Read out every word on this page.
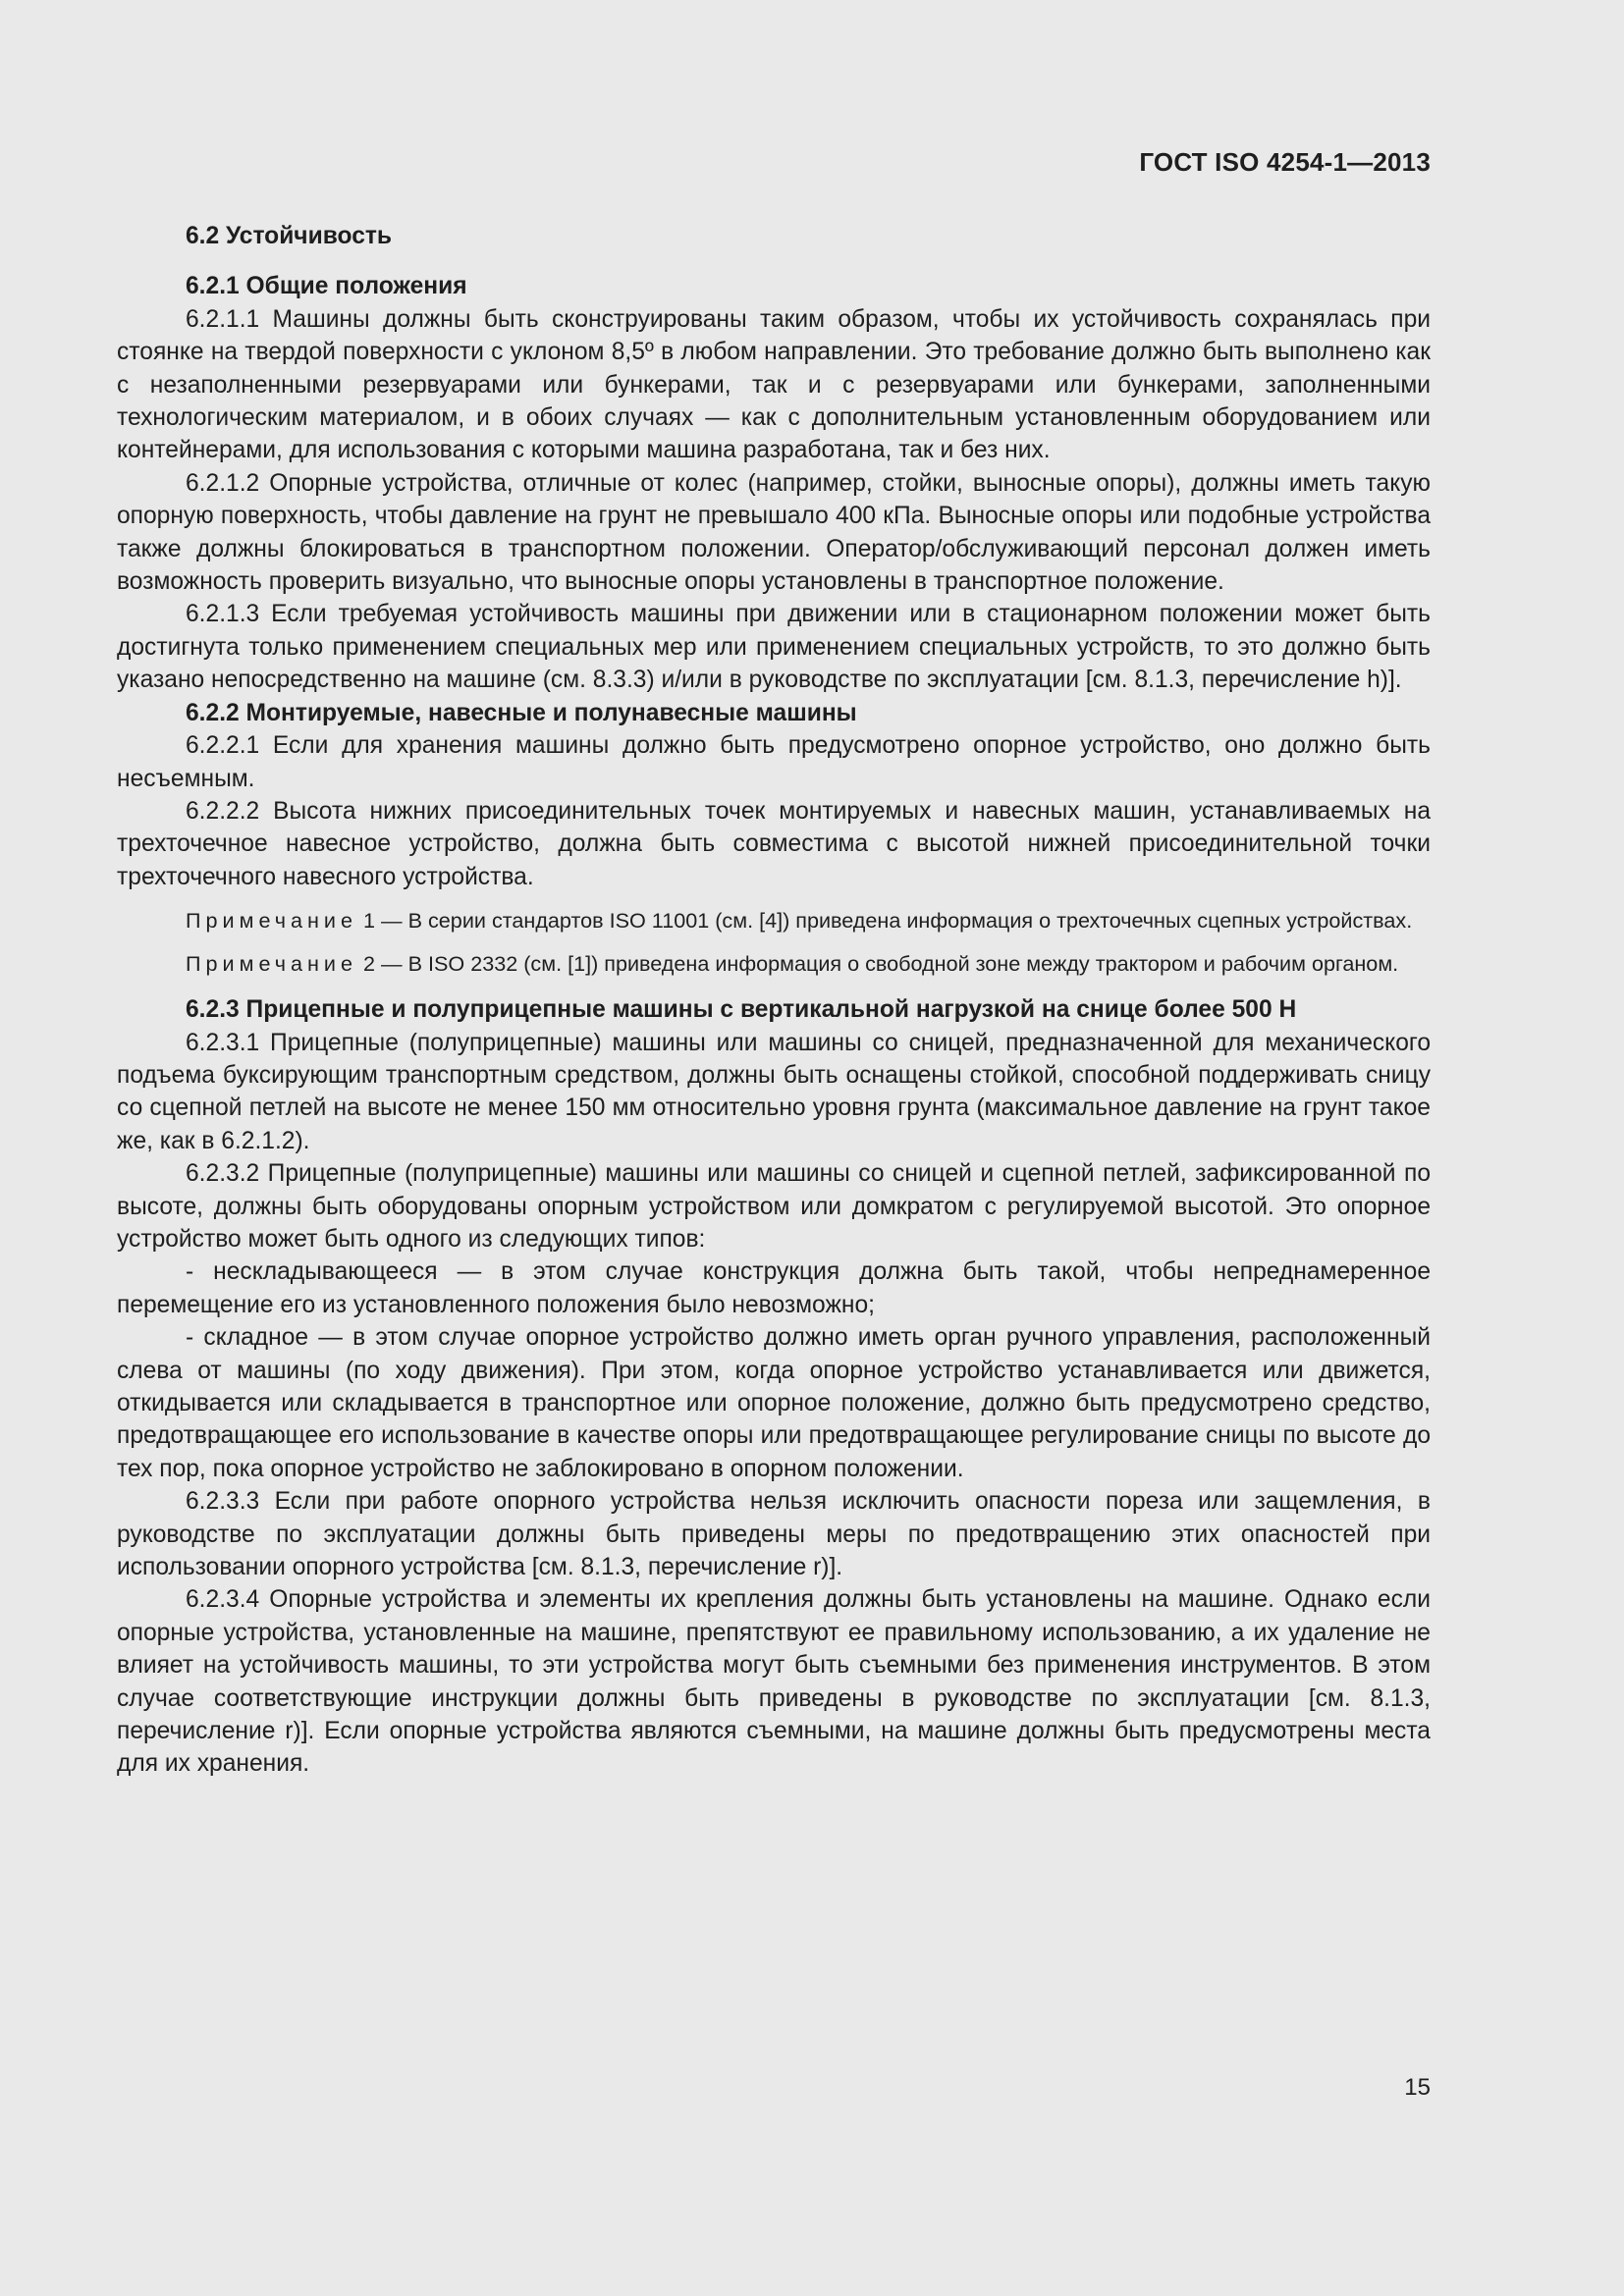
ГОСТ ISO 4254-1—2013

6.2 Устойчивость

6.2.1 Общие положения

6.2.1.1 Машины должны быть сконструированы таким образом, чтобы их устойчивость сохранялась при стоянке на твердой поверхности с уклоном 8,5º в любом направлении. Это требование должно быть выполнено как с незаполненными резервуарами или бункерами, так и с резервуарами или бункерами, заполненными технологическим материалом, и в обоих случаях — как с дополнительным установленным оборудованием или контейнерами, для использования с которыми машина разработана, так и без них.

6.2.1.2 Опорные устройства, отличные от колес (например, стойки, выносные опоры), должны иметь такую опорную поверхность, чтобы давление на грунт не превышало 400 кПа. Выносные опоры или подобные устройства также должны блокироваться в транспортном положении. Оператор/обслуживающий персонал должен иметь возможность проверить визуально, что выносные опоры установлены в транспортное положение.

6.2.1.3 Если требуемая устойчивость машины при движении или в стационарном положении может быть достигнута только применением специальных мер или применением специальных устройств, то это должно быть указано непосредственно на машине (см. 8.3.3) и/или в руководстве по эксплуатации [см. 8.1.3, перечисление h)].

6.2.2 Монтируемые, навесные и полунавесные машины

6.2.2.1 Если для хранения машины должно быть предусмотрено опорное устройство, оно должно быть несъемным.

6.2.2.2 Высота нижних присоединительных точек монтируемых и навесных машин, устанавливаемых на трехточечное навесное устройство, должна быть совместима с высотой нижней присоединительной точки трехточечного навесного устройства.

Примечание 1 — В серии стандартов ISO 11001 (см. [4]) приведена информация о трехточечных сцепных устройствах.

Примечание 2 — В ISO 2332 (см. [1]) приведена информация о свободной зоне между трактором и рабочим органом.

6.2.3 Прицепные и полуприцепные машины с вертикальной нагрузкой на снице более 500 Н

6.2.3.1 Прицепные (полуприцепные) машины или машины со сницей, предназначенной для механического подъема буксирующим транспортным средством, должны быть оснащены стойкой, способной поддерживать сницу со сцепной петлей на высоте не менее 150 мм относительно уровня грунта (максимальное давление на грунт такое же, как в 6.2.1.2).

6.2.3.2 Прицепные (полуприцепные) машины или машины со сницей и сцепной петлей, зафиксированной по высоте, должны быть оборудованы опорным устройством или домкратом с регулируемой высотой. Это опорное устройство может быть одного из следующих типов:

- нескладывающееся — в этом случае конструкция должна быть такой, чтобы непреднамеренное перемещение его из установленного положения было невозможно;

- складное — в этом случае опорное устройство должно иметь орган ручного управления, расположенный слева от машины (по ходу движения). При этом, когда опорное устройство устанавливается или движется, откидывается или складывается в транспортное или опорное положение, должно быть предусмотрено средство, предотвращающее его использование в качестве опоры или предотвращающее регулирование сницы по высоте до тех пор, пока опорное устройство не заблокировано в опорном положении.

6.2.3.3 Если при работе опорного устройства нельзя исключить опасности пореза или защемления, в руководстве по эксплуатации должны быть приведены меры по предотвращению этих опасностей при использовании опорного устройства [см. 8.1.3, перечисление r)].

6.2.3.4 Опорные устройства и элементы их крепления должны быть установлены на машине. Однако если опорные устройства, установленные на машине, препятствуют ее правильному использованию, а их удаление не влияет на устойчивость машины, то эти устройства могут быть съемными без применения инструментов. В этом случае соответствующие инструкции должны быть приведены в руководстве по эксплуатации [см. 8.1.3, перечисление r)]. Если опорные устройства являются съемными, на машине должны быть предусмотрены места для их хранения.

15
